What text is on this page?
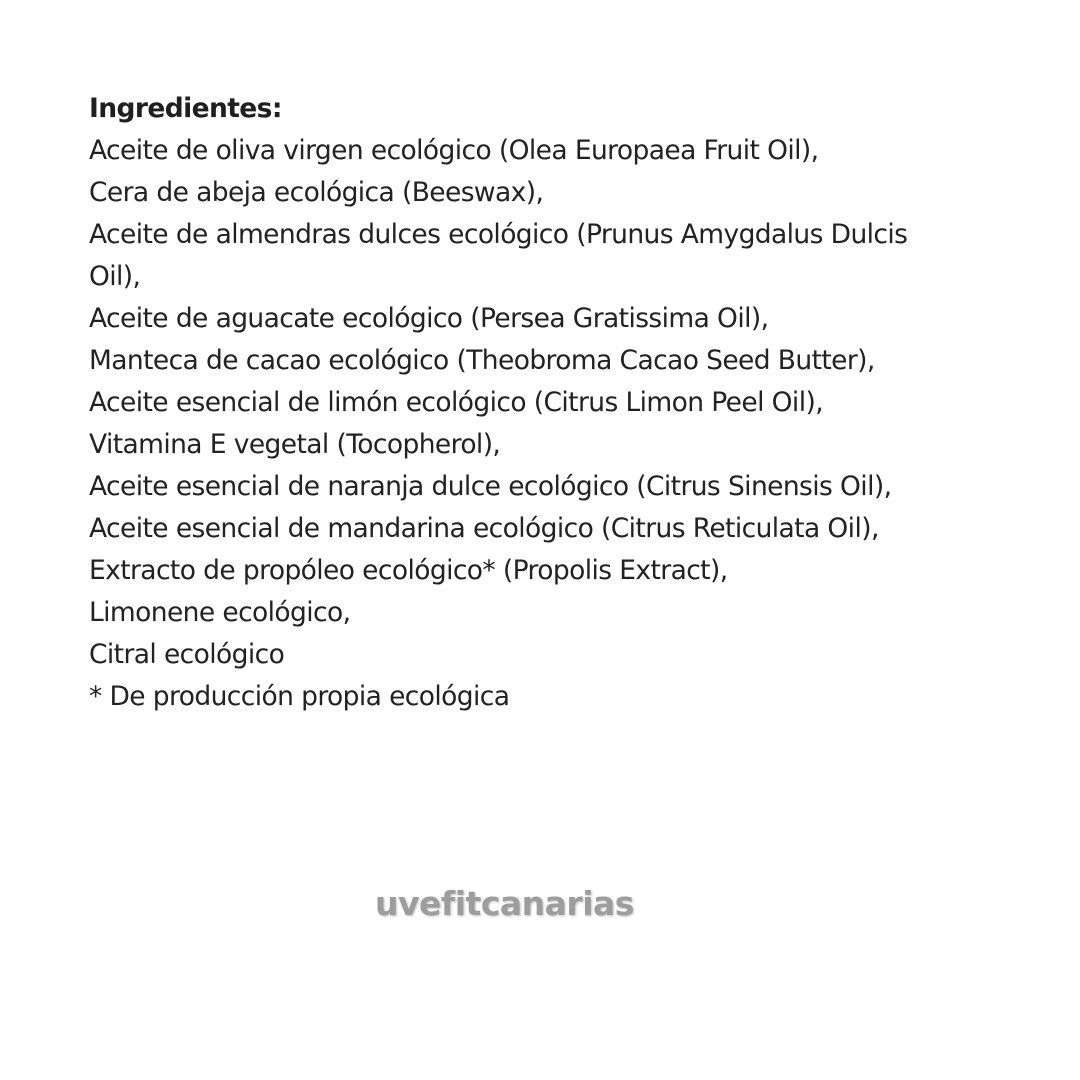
Ingredientes:
Aceite de oliva virgen ecológico (Olea Europaea Fruit Oil),
Cera de abeja ecológica (Beeswax),
Aceite de almendras dulces ecológico (Prunus Amygdalus Dulcis
Oil),
Aceite de aguacate ecológico (Persea Gratissima Oil),
Manteca de cacao ecológico (Theobroma Cacao Seed Butter),
Aceite esencial de limón ecológico (Citrus Limon Peel Oil),
Vitamina E vegetal (Tocopherol),
Aceite esencial de naranja dulce ecológico (Citrus Sinensis Oil),
Aceite esencial de mandarina ecológico (Citrus Reticulata Oil),
Extracto de propóleo ecológico* (Propolis Extract),
Limonene ecológico,
Citral ecológico
* De producción propia ecológica
uvefitcanarias
